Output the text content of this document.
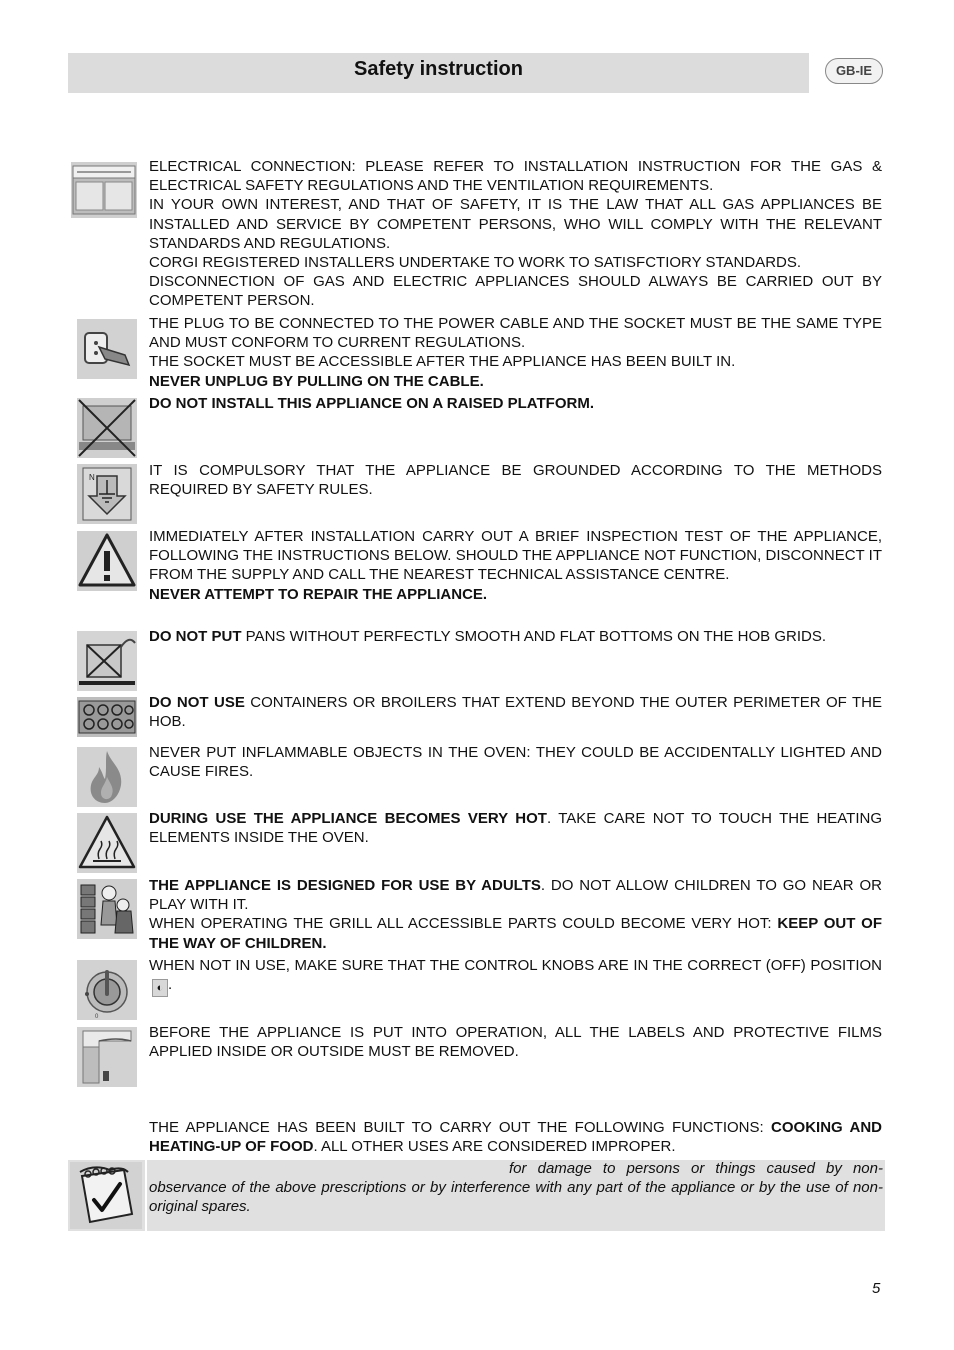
Safety instruction	GB-IE

ELECTRICAL CONNECTION: PLEASE REFER TO INSTALLATION INSTRUCTION FOR THE GAS & ELECTRICAL SAFETY REGULATIONS AND THE VENTILATION REQUIREMENTS.

IN YOUR OWN INTEREST, AND THAT OF SAFETY, IT IS THE LAW THAT ALL GAS APPLIANCES BE INSTALLED AND SERVICE BY COMPETENT PERSONS, WHO WILL COMPLY WITH THE RELEVANT STANDARDS AND REGULATIONS.

CORGI REGISTERED INSTALLERS UNDERTAKE TO WORK TO SATISFCTIORY STANDARDS.

DISCONNECTION OF GAS AND ELECTRIC APPLIANCES SHOULD ALWAYS BE CARRIED OUT BY COMPETENT PERSON.

THE PLUG TO BE CONNECTED TO THE POWER CABLE AND THE SOCKET MUST BE THE SAME TYPE AND MUST CONFORM TO CURRENT REGULATIONS.

THE SOCKET MUST BE ACCESSIBLE AFTER THE APPLIANCE HAS BEEN BUILT IN.

NEVER UNPLUG BY PULLING ON THE CABLE.

DO NOT INSTALL THIS APPLIANCE ON A RAISED PLATFORM.

N	IT IS COMPULSORY THAT THE APPLIANCE BE GROUNDED ACCORDING TO THE METHODS REQUIRED BY SAFETY RULES.

IMMEDIATELY AFTER INSTALLATION CARRY OUT A BRIEF INSPECTION TEST OF THE APPLIANCE, FOLLOWING THE INSTRUCTIONS BELOW. SHOULD THE APPLIANCE NOT FUNCTION, DISCONNECT IT FROM THE SUPPLY AND CALL THE NEAREST TECHNICAL ASSISTANCE CENTRE.

NEVER ATTEMPT TO REPAIR THE APPLIANCE.

DO NOT PUT PANS WITHOUT PERFECTLY SMOOTH AND FLAT BOTTOMS ON THE HOB GRIDS.

DO NOT USE CONTAINERS OR BROILERS THAT EXTEND BEYOND THE OUTER PERIMETER OF THE HOB.

NEVER PUT INFLAMMABLE OBJECTS IN THE OVEN: THEY COULD BE ACCIDENTALLY LIGHTED AND CAUSE FIRES.

DURING USE THE APPLIANCE BECOMES VERY HOT. TAKE CARE NOT TO TOUCH THE HEATING ELEMENTS INSIDE THE OVEN.

THE APPLIANCE IS DESIGNED FOR USE BY ADULTS. DO NOT ALLOW CHILDREN TO GO NEAR OR PLAY WITH IT.

WHEN OPERATING THE GRILL ALL ACCESSIBLE PARTS COULD BECOME VERY HOT: KEEP OUT OF THE WAY OF CHILDREN.

0

WHEN NOT IN USE, MAKE SURE THAT THE CONTROL KNOBS ARE IN THE CORRECT (OFF) POSITION◐ .

BEFORE THE APPLIANCE IS PUT INTO OPERATION, ALL THE LABELS AND PROTECTIVE FILMS APPLIED INSIDE OR OUTSIDE MUST BE REMOVED.

THE APPLIANCE HAS BEEN BUILT TO CARRY OUT THE FOLLOWING FUNCTIONS: COOKING AND HEATING-UP OF FOOD. ALL OTHER USES ARE CONSIDERED IMPROPER.

for damage to persons or things caused by non-observance of the above prescriptions or by interference with any part of the appliance or by the use of non-original spares.

5
